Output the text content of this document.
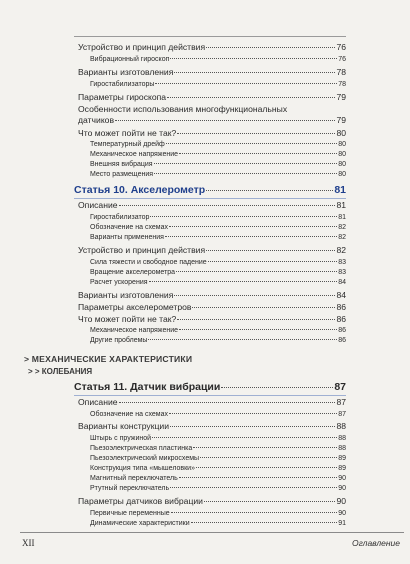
Устройство и принцип действия	76
Вибрационный гироскоп	76
Варианты изготовления	78
Гиростабилизаторы	78
Параметры гироскопа	79
Особенности использования многофункциональных
датчиков	79
Что может пойти не так?	80
Температурный дрейф	80
Механическое напряжение	80
Внешняя вибрация	80
Место размещения	80
Статья 10. Акселерометр	81
Описание	81
Гиростабилизатор	81
Обозначение на схемах	82
Варианты применения	82
Устройство и принцип действия	82
Сила тяжести и свободное падение	83
Вращение акселерометра	83
Расчет ускорения	84
Варианты изготовления	84
Параметры акселерометров	86
Что может пойти не так?	86
Механическое напряжение	86
Другие проблемы	86
> МЕХАНИЧЕСКИЕ ХАРАКТЕРИСТИКИ
> > КОЛЕБАНИЯ
Статья 11. Датчик вибрации	87
Описание	87
Обозначение на схемах	87
Варианты конструкции	88
Штырь с пружиной	88
Пьезоэлектрическая пластинка	88
Пьезоэлектрический микросхемы	89
Конструкция типа «мышеловки»	89
Магнитный переключатель	90
Ртутный переключатель	90
Параметры датчиков вибрации	90
Первичные переменные	90
Динамические характеристики	91
XII	Оглавление
